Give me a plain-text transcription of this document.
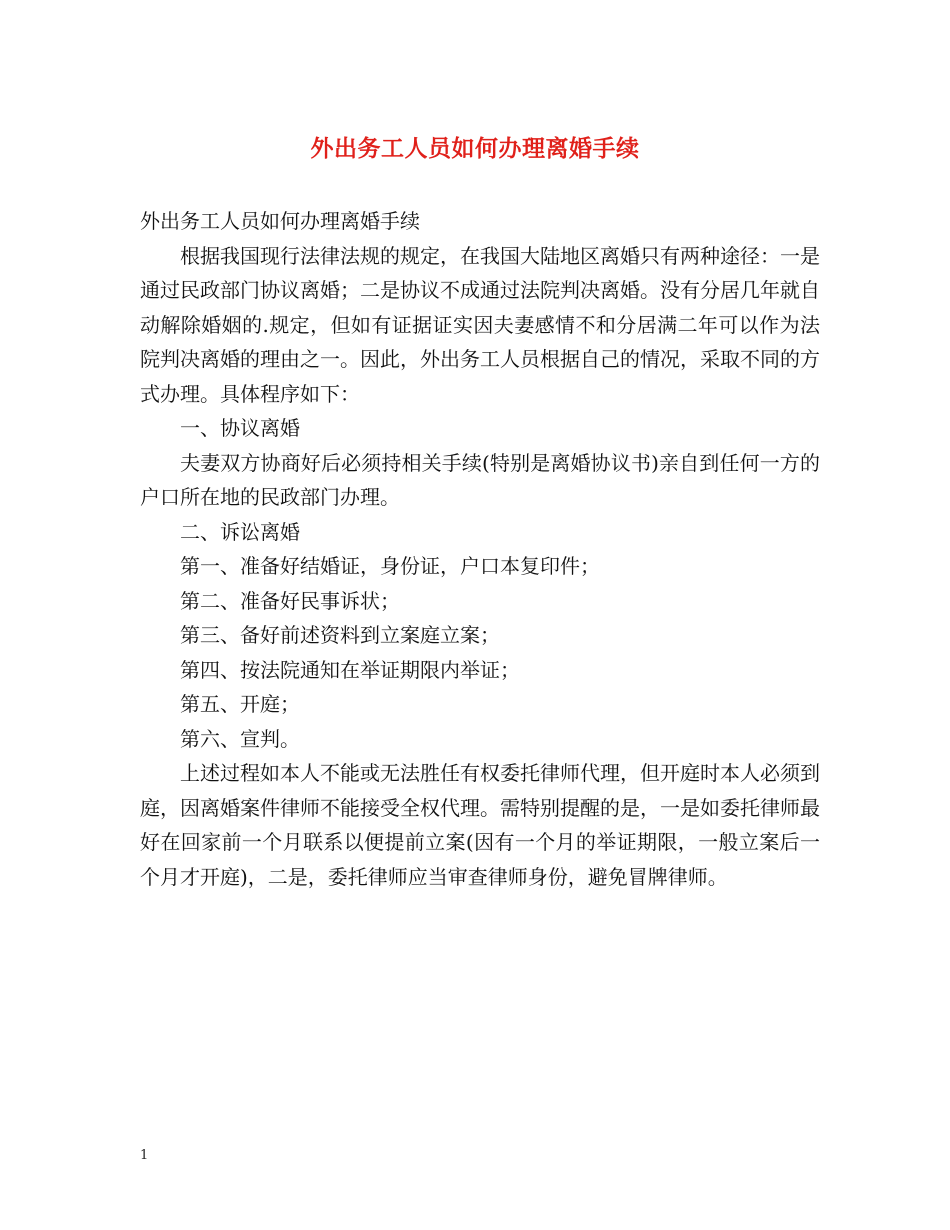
外出务工人员如何办理离婚手续

外出务工人员如何办理离婚手续

根据我国现行法律法规的规定，在我国大陆地区离婚只有两种途径：一是通过民政部门协议离婚；二是协议不成通过法院判决离婚。没有分居几年就自动解除婚姻的.规定，但如有证据证实因夫妻感情不和分居满二年可以作为法院判决离婚的理由之一。因此，外出务工人员根据自己的情况，采取不同的方式办理。具体程序如下：

一、协议离婚

夫妻双方协商好后必须持相关手续(特别是离婚协议书)亲自到任何一方的户口所在地的民政部门办理。

二、诉讼离婚

第一、准备好结婚证，身份证，户口本复印件；

第二、准备好民事诉状；

第三、备好前述资料到立案庭立案；

第四、按法院通知在举证期限内举证；

第五、开庭；

第六、宣判。

上述过程如本人不能或无法胜任有权委托律师代理，但开庭时本人必须到庭，因离婚案件律师不能接受全权代理。需特别提醒的是，一是如委托律师最好在回家前一个月联系以便提前立案(因有一个月的举证期限，一般立案后一个月才开庭)，二是，委托律师应当审查律师身份，避免冒牌律师。

1
